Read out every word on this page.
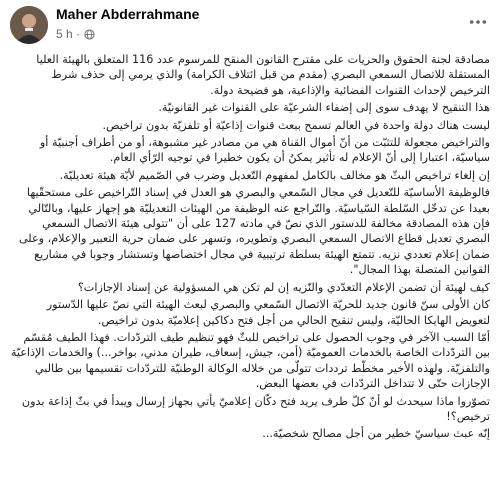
Maher Abderrahmane
5 h ·

مصادقة لجنة الحقوق والحريات على مقترح القانون المنقح للمرسوم عدد 116 المتعلق بالهيئة العليا المستقلة للاتصال السمعي البصري (مقدم من قبل ائتلاف الكرامة) والذي يرمي إلى حذف شرط الترخيص لإحداث القنوات الفضائية والإذاعية، هو فضيحة دولة.

هذا التنقيح لا يهدف سوى إلى إضفاء الشرعيّة على القنوات غير القانونيّة.

ليست هناك دولة واحدة في العالم تسمح ببعث قنوات إذاعيّة أو تلفزيّة بدون تراخيص.

والتراخيص مجعولة للتثبّت من أنّ أموال القناة هي من مصادر غير مشبوهة، أو من أطراف أجنبيّة أو سياسيّة، اعتبارا إلى أنّ الإعلام له تأثير يمكنُ أن يكون خطيرا في توجيه الرّأي العام.

إن إلغاء تراخيص البثّ هو مخالف بالكامل لمفهوم التّعديل وضرب في الصّميم لأيّة هيئة تعديليّة.

فالوظيفة الأساسيّة للتّعديل في مجال السّمعي والبصري هو العدل في إسناد التّراخيص على مستحقّيها بعيدا عن تدخّل السّلطة السّياسيّة. والتّراجع عنه الوظيفة من الهيئات التعديليّة هو إجهاز عليها، وبالتّالي فإن هذه المصادقة مخالفة للدستور الذي نصّ في مادته 127 على أن "تتولى هيئة الاتصال السمعي البصري تعديل قطاع الاتصال السمعي البصري وتطويره، وتسهر على ضمان حرية التعبير والإعلام، وعلى ضمان إعلام تعددي نزيه. تتمتع الهيئة بسلطة ترتيبية في مجال اختصاصها وتستشار وجوبا في مشاريع القوانين المتصلة بهذا المجال".

كيف لهيئة أن تضمن الإعلام التعدّدي والنّزيه إن لم تكن هي المسؤولية عن إسناد الإجازات؟

كان الأولى سنّ قانون جديد للحريّة الاتصال السّمعي والبصري لبعث الهيئة التي نصّ عليها الدّستور لتعويض الهايكا الحاليّة، وليس تنقيح الحالي من أجل فتح دكاكين إعلاميّة بدون تراخيص.

أمّا السبب الآخر في وجوب الحصول على تراخيص للبثّ فهو تنظيم طيف التردّدات. فهذا الطيف مُقسّم بين التردّدات الخاصة بالخدمات العموميّة (أمن، جيش، إسعاف، طيران مدني، بواخر...) والخدمات الإذاعيّة والتلفزيّة. ولهذه الأخير مخطّط ترددات تتولّى من خلاله الوكالة الوطنيّة للتردّدات تقسيمها بين طالبي الإجازات حتّى لا تتداخل التردّدات في بعضها البعض.

تصوّروا ماذا سيحدث لو أنّ كلّ طرف يريد فتح دكّان إعلاميّ يأتي بجهاز إرسال ويبدأ في بثّ إذاعة بدون ترخيص؟!

إنّه عبث سياسيّ خطير من أجل مصالح شخصيّة...
